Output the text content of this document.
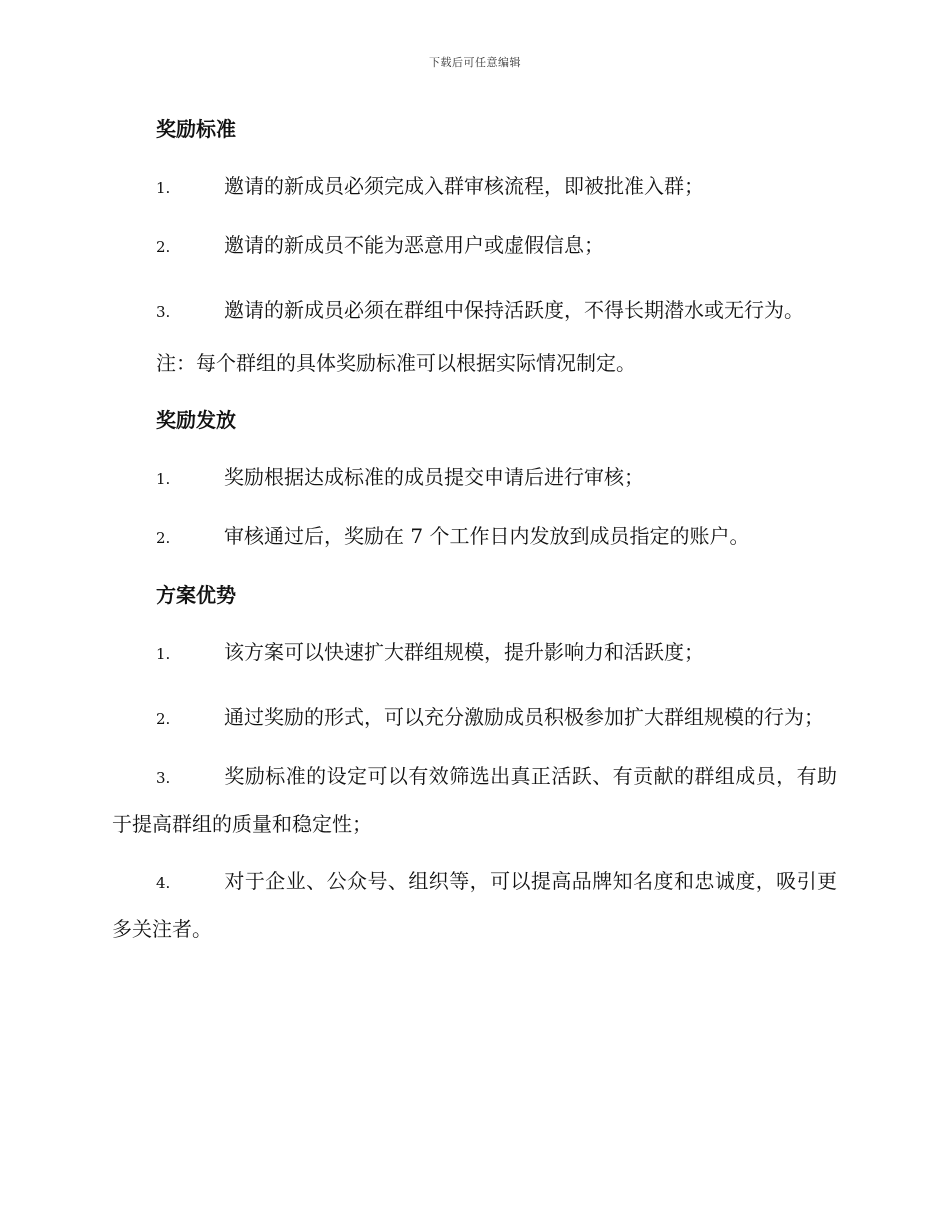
下载后可任意编辑
奖励标准

1.	邀请的新成员必须完成入群审核流程，即被批准入群；

2.	邀请的新成员不能为恶意用户或虚假信息；

3.	邀请的新成员必须在群组中保持活跃度，不得长期潜水或无行为。

注：每个群组的具体奖励标准可以根据实际情况制定。

奖励发放

1.	奖励根据达成标准的成员提交申请后进行审核；

2.	审核通过后，奖励在 7 个工作日内发放到成员指定的账户。

方案优势

1.	该方案可以快速扩大群组规模，提升影响力和活跃度；

2.	通过奖励的形式，可以充分激励成员积极参加扩大群组规模的行为；

3.	奖励标准的设定可以有效筛选出真正活跃、有贡献的群组成员，有助于提高群组的质量和稳定性；

4.	对于企业、公众号、组织等，可以提高品牌知名度和忠诚度，吸引更多关注者。
